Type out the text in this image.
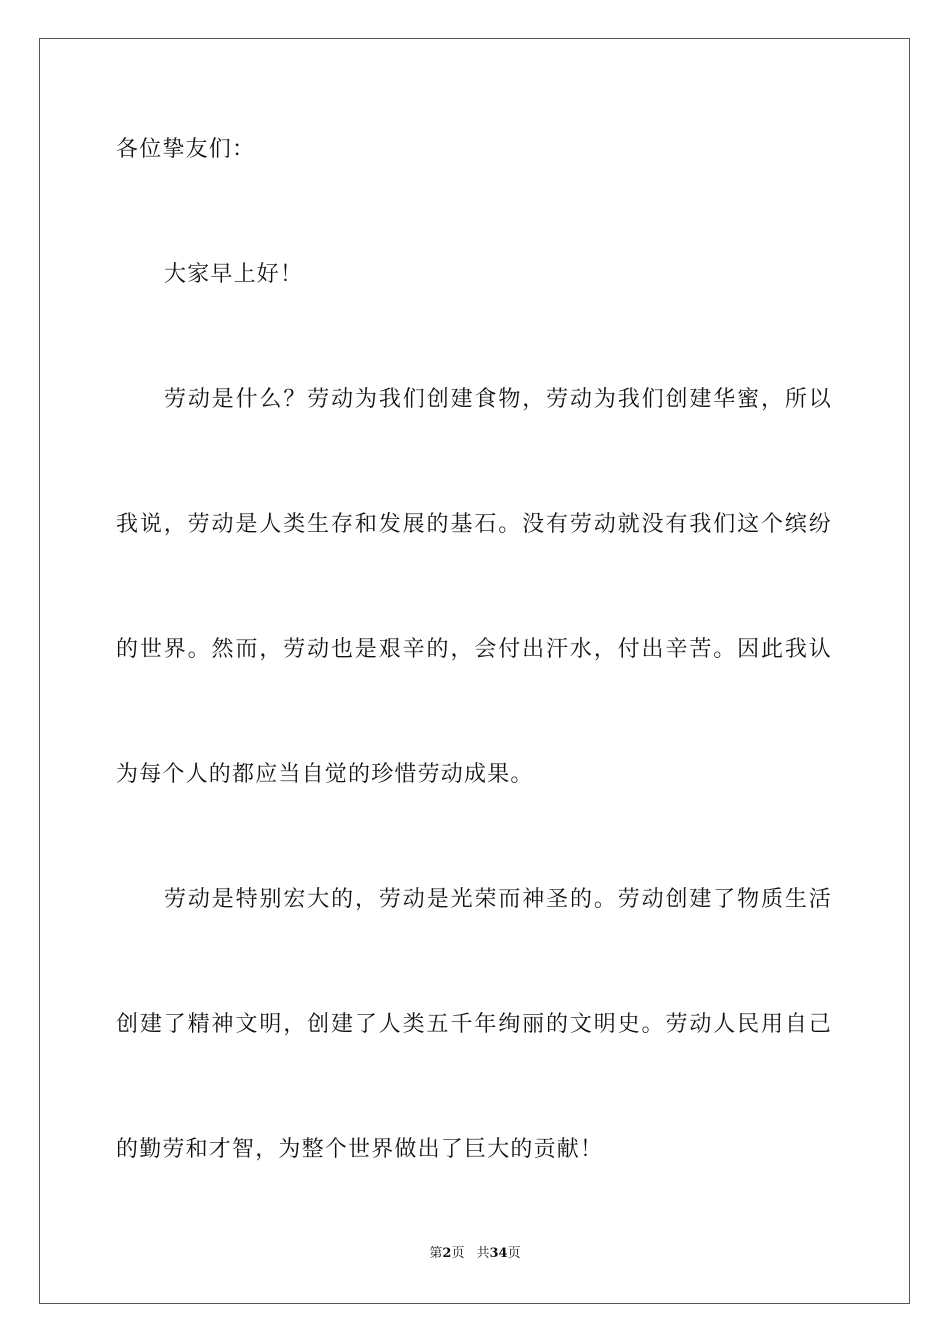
各位挚友们：
大家早上好！
劳动是什么？劳动为我们创建食物，劳动为我们创建华蜜，所以
我说，劳动是人类生存和发展的基石。没有劳动就没有我们这个缤纷
的世界。然而，劳动也是艰辛的，会付出汗水，付出辛苦。因此我认
为每个人的都应当自觉的珍惜劳动成果。
劳动是特别宏大的，劳动是光荣而神圣的。劳动创建了物质生活
创建了精神文明，创建了人类五千年绚丽的文明史。劳动人民用自己
的勤劳和才智，为整个世界做出了巨大的贡献！
第2页 共34页
